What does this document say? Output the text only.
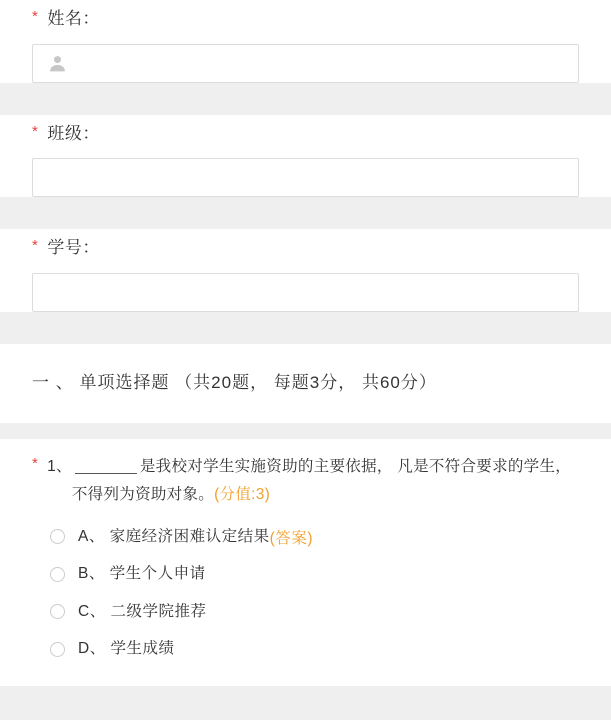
* 姓名：
* 班级：
* 学号：
一 、 单项选择题 （共20题， 每题3分， 共60分）
* 1、	是我校对学生实施资助的主要依据， 凡是不符合要求的学生， 不得列为资助对象。(分值:3)
A、 家庭经济困难认定结果 (答案)
B、 学生个人申请
C、 二级学院推荐
D、 学生成绩
